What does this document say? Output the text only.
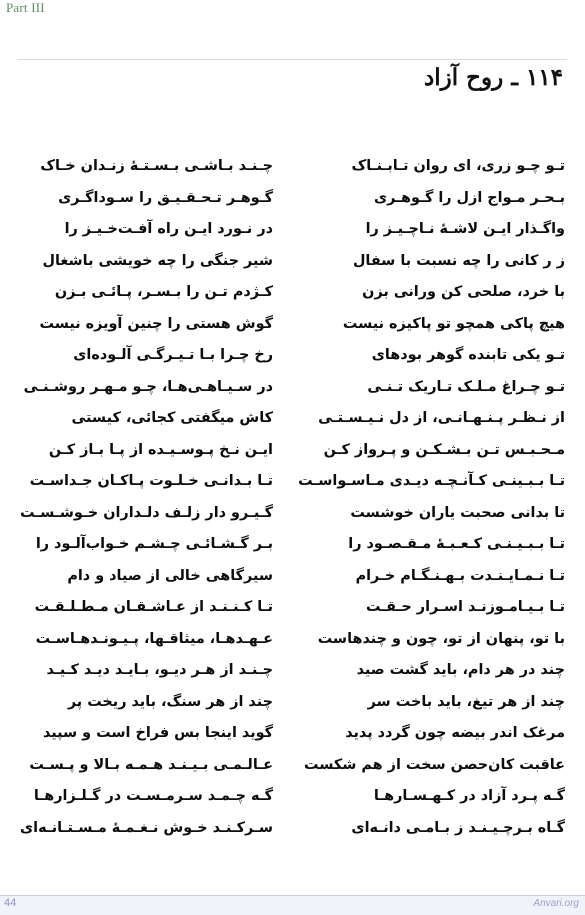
Part III
۱۱۴ ـ روح آزاد
تـو چـو زری، ای روان تـابـنـاک
بـحـر مـواج ازل را گـوهـری
واگـذار ایـن لاشـهٔ نـاچـیـز را
ز ر کانی را چه نسبت با سفال
با خرد، صلحی کن ورانی بزن
هیچ پاکی همچو تو پاکیزه نیست
تـو یکی تابنده گوهر بودهای
تـو چـراغ مـلـک تـاریک تـنـی
از نـظـر پـنـهـانـی، از دل نـیـسـتـی
مـحـبـس تـن بـشـکـن و پـرواز کـن
تـا بـبـینـی کـآنـچـه دیـدی مـاسـواسـت
تا بدانی صحبت یاران خوشست
تـا بـبـیـنـی کـعـبـهٔ مـقـصـود را
تـا نـمـایـنـدت بـهـنـگـام خـرام
تـا بـیـامـوزنـد اسـرار حـقـت
با تو، پنهان از تو، چون و چندهاست
چند در هر دام، باید گشت صید
چند از هر تیغ، باید باخت سر
مرغک اندر بیضه چون گردد پدید
عاقبت کان‌حصن سخت از هم شکست
گـه پـرد آزاد در کـهـسـارهـا
گـاه بـرچـیـنـد ز بـامـی دانـه‌ای
چـنـد بـاشـی بـسـتـهٔ زنـدان خـاک
گـوهـر تـحـقـیـق را سـوداگـری
در نـورد ایـن راه آفـت‌خـیـز را
شیر جنگی را چه خویشی باشغال
کـژدم تـن را بـسـر، پـائـی بـزن
گوش هستی را چنین آویزه نیست
رخ چـرا بـا تـیـرگـی آلـوده‌ای
در سـیـاهـی‌هـا، چـو مـهـر روشـنـی
کاش میگفتی کجائی، کیستی
ایـن نـخ پـوسـیـده از پـا بـاز کـن
تـا بـدانـی خـلـوت پـاکـان جـداسـت
گـیـرو دار زلـف دلـداران خـوشـسـت
بـر گـشـائـی چـشـم خـواب‌آلـود را
سیرگاهی خالی از صیاد و دام
تـا کـنـنـد از عـاشـقـان مـطـلـقـت
عـهـدهـا، میثاقـها، پـیـونـدهـاسـت
چـنـد از هـر دیـو، بـایـد دیـد کـیـد
چند از هر سنگ، باید ریخت پر
گوید اینجا بس فراخ است و سپید
عـالـمـی بـیـنـد هـمـه بـالا و پـسـت
گـه چـمـد سـرمـسـت در گـلـزارهـا
سـرکـنـد خـوش نـغـمـهٔ مـسـتـانـه‌ای
44	Anvari.org
